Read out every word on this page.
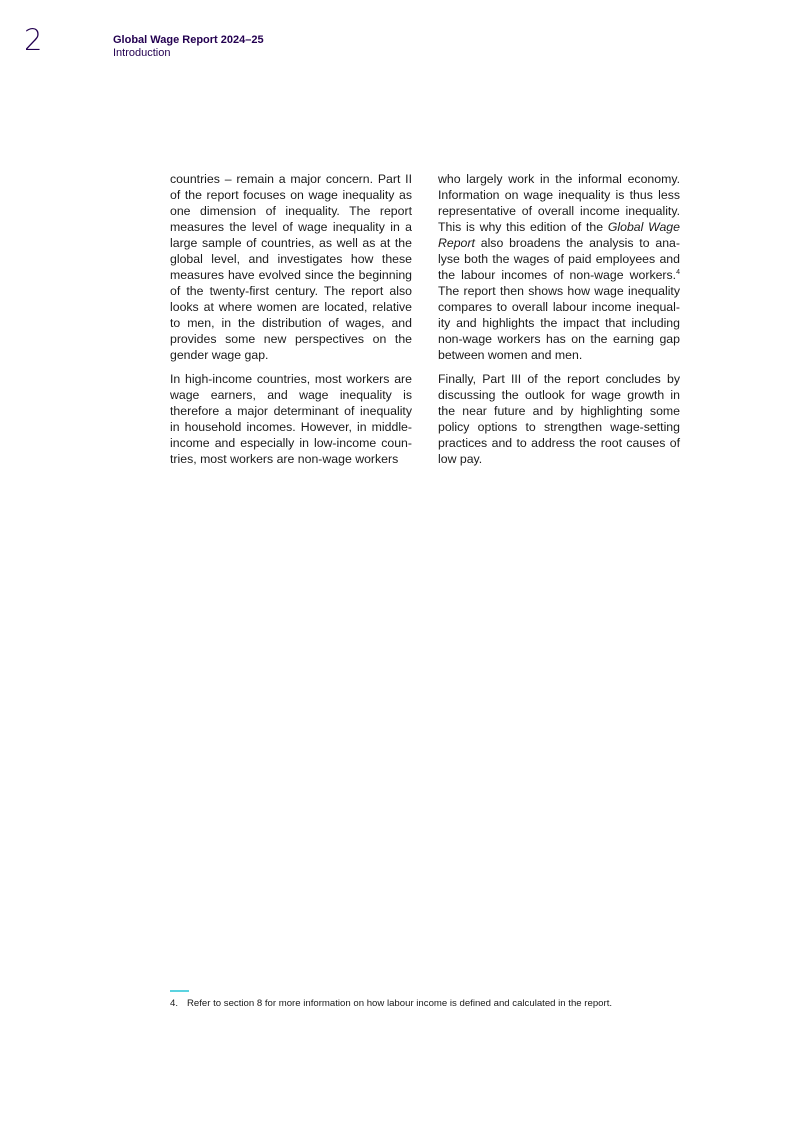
2	Global Wage Report 2024–25
Introduction

countries – remain a major concern. Part II of the report focuses on wage inequality as one dimension of inequality. The report measures the level of wage inequality in a large sample of countries, as well as at the global level, and investigates how these measures have evolved since the beginning of the twenty-first century. The report also looks at where women are located, relative to men, in the distribution of wages, and provides some new perspectives on the gender wage gap.

In high-income countries, most workers are wage earners, and wage inequality is therefore a major determinant of inequality in household incomes. However, in middle-income and especially in low-income countries, most workers are non-wage workers

who largely work in the informal economy. Information on wage inequality is thus less representative of overall income inequality. This is why this edition of the Global Wage Report also broadens the analysis to analyse both the wages of paid employees and the labour incomes of non-wage workers.$^4$ The report then shows how wage inequality compares to overall labour income inequality and highlights the impact that including non-wage workers has on the earning gap between women and men.

Finally, Part III of the report concludes by discussing the outlook for wage growth in the near future and by highlighting some policy options to strengthen wage-setting practices and to address the root causes of low pay.

4. Refer to section 8 for more information on how labour income is defined and calculated in the report.
